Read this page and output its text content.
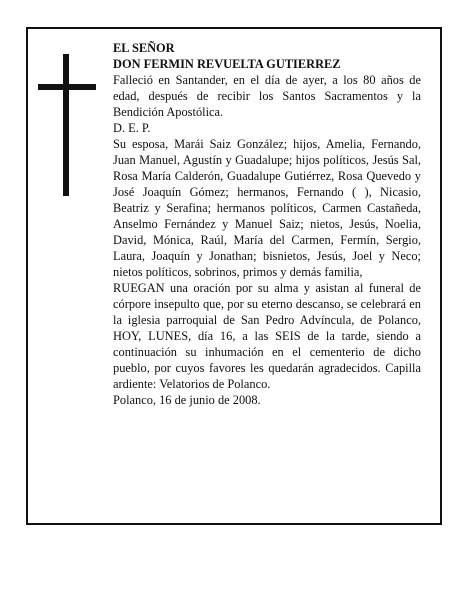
EL SEÑOR
DON FERMIN REVUELTA GUTIERREZ

Falleció en Santander, en el día de ayer, a los 80 años de edad, después de recibir los Santos Sacramentos y la Bendición Apostólica.

D. E. P.

Su esposa, Marái Saiz González; hijos, Amelia, Fernando, Juan Manuel, Agustín y Guadalupe; hijos políticos, Jesús Sal, Rosa María Calderón, Guadalupe Gutiérrez, Rosa Quevedo y José Joaquín Gómez; hermanos, Fernando ( ), Nicasio, Beatriz y Serafina; hermanos políticos, Carmen Castañeda, Anselmo Fernández y Manuel Saiz; nietos, Jesús, Noelia, David, Mónica, Raúl, María del Carmen, Fermín, Sergio, Laura, Joaquín y Jonathan; bisnietos, Jesús, Joel y Neco; nietos políticos, sobrinos, primos y demás familia,

RUEGAN una oración por su alma y asistan al funeral de córpore insepulto que, por su eterno descanso, se celebrará en la iglesia parroquial de San Pedro Advíncula, de Polanco, HOY, LUNES, día 16, a las SEIS de la tarde, siendo a continuación su inhumación en el cementerio de dicho pueblo, por cuyos favores les quedarán agradecidos. Capilla ardiente: Velatorios de Polanco.

Polanco, 16 de junio de 2008.
